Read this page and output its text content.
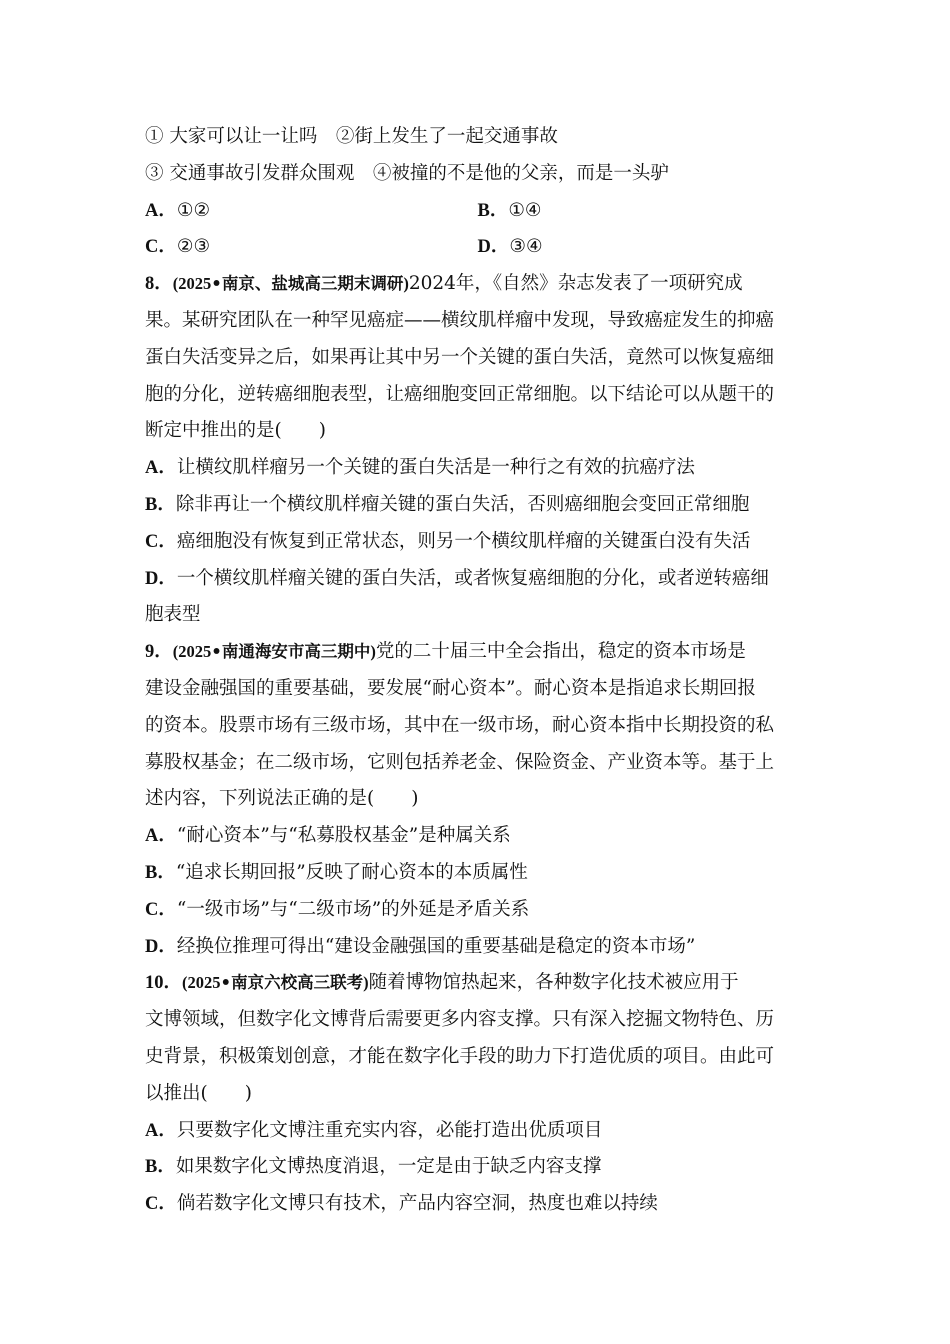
① 大家可以让一让吗　②街上发生了一起交通事故
③ 交通事故引发群众围观　④被撞的不是他的父亲，而是一头驴
A．①②	B．①④
C．②③	D．③④
8．(2025•南京、盐城高三期末调研)2024年，《自然》杂志发表了一项研究成
果。某研究团队在一种罕见癌症——横纹肌样瘤中发现，导致癌症发生的抑癌
蛋白失活变异之后，如果再让其中另一个关键的蛋白失活，竟然可以恢复癌细
胞的分化，逆转癌细胞表型，让癌细胞变回正常细胞。以下结论可以从题干的
断定中推出的是(　　)
A．让横纹肌样瘤另一个关键的蛋白失活是一种行之有效的抗癌疗法
B．除非再让一个横纹肌样瘤关键的蛋白失活，否则癌细胞会变回正常细胞
C．癌细胞没有恢复到正常状态，则另一个横纹肌样瘤的关键蛋白没有失活
D．一个横纹肌样瘤关键的蛋白失活，或者恢复癌细胞的分化，或者逆转癌细
胞表型
9．(2025•南通海安市高三期中)党的二十届三中全会指出，稳定的资本市场是
建设金融强国的重要基础，要发展“耐心资本”。耐心资本是指追求长期回报
的资本。股票市场有三级市场，其中在一级市场，耐心资本指中长期投资的私
募股权基金；在二级市场，它则包括养老金、保险资金、产业资本等。基于上
述内容，下列说法正确的是(　　)
A．“耐心资本”与“私募股权基金”是种属关系
B．“追求长期回报”反映了耐心资本的本质属性
C．“一级市场”与“二级市场”的外延是矛盾关系
D．经换位推理可得出“建设金融强国的重要基础是稳定的资本市场”
10．(2025•南京六校高三联考)随着博物馆热起来，各种数字化技术被应用于
文博领域，但数字化文博背后需要更多内容支撑。只有深入挖掘文物特色、历
史背景，积极策划创意，才能在数字化手段的助力下打造优质的项目。由此可
以推出(　　)
A．只要数字化文博注重充实内容，必能打造出优质项目
B．如果数字化文博热度消退，一定是由于缺乏内容支撑
C．倘若数字化文博只有技术，产品内容空洞，热度也难以持续
